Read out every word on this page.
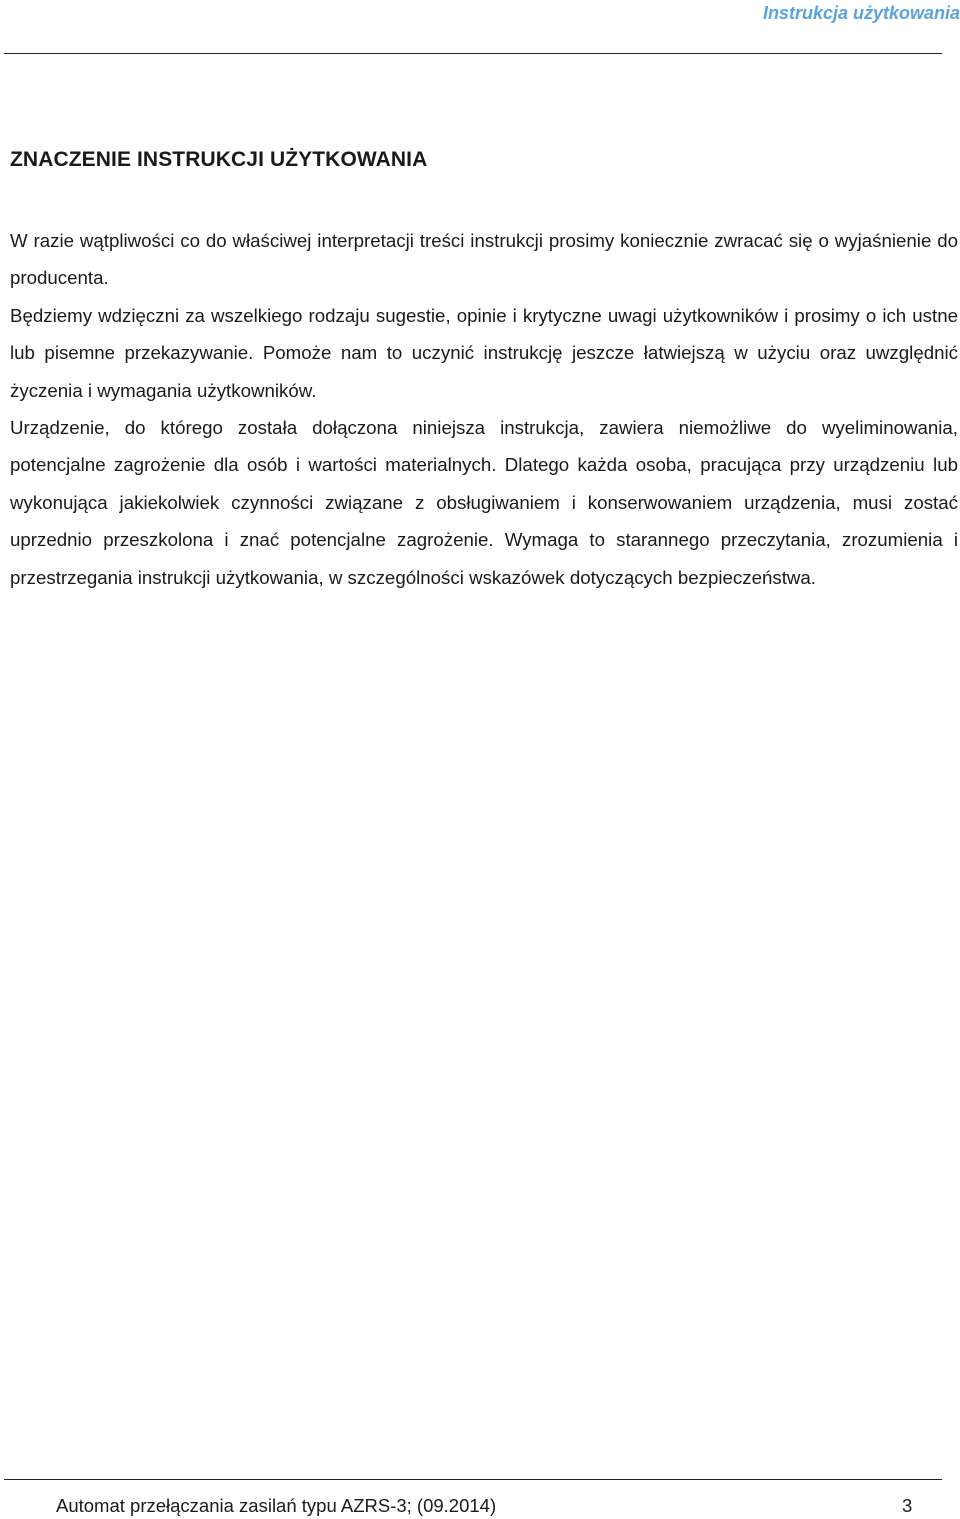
Instrukcja użytkowania
ZNACZENIE INSTRUKCJI UŻYTKOWANIA

W razie wątpliwości co do właściwej interpretacji treści instrukcji prosimy koniecznie zwracać się o wyjaśnienie do producenta.

Będziemy wdzięczni za wszelkiego rodzaju sugestie, opinie i krytyczne uwagi użytkowników i prosimy o ich ustne lub pisemne przekazywanie. Pomoże nam to uczynić instrukcję jeszcze łatwiejszą w użyciu oraz uwzględnić życzenia i wymagania użytkowników.

Urządzenie, do którego została dołączona niniejsza instrukcja, zawiera niemożliwe do wyeliminowania, potencjalne zagrożenie dla osób i wartości materialnych. Dlatego każda osoba, pracująca przy urządzeniu lub wykonująca jakiekolwiek czynności związane z obsługiwaniem i konserwowaniem urządzenia, musi zostać uprzednio przeszkolona i znać potencjalne zagrożenie. Wymaga to starannego przeczytania, zrozumienia i przestrzegania instrukcji użytkowania, w szczególności wskazówek dotyczących bezpieczeństwa.

Automat przełączania zasilań typu AZRS-3; (09.2014)	3
